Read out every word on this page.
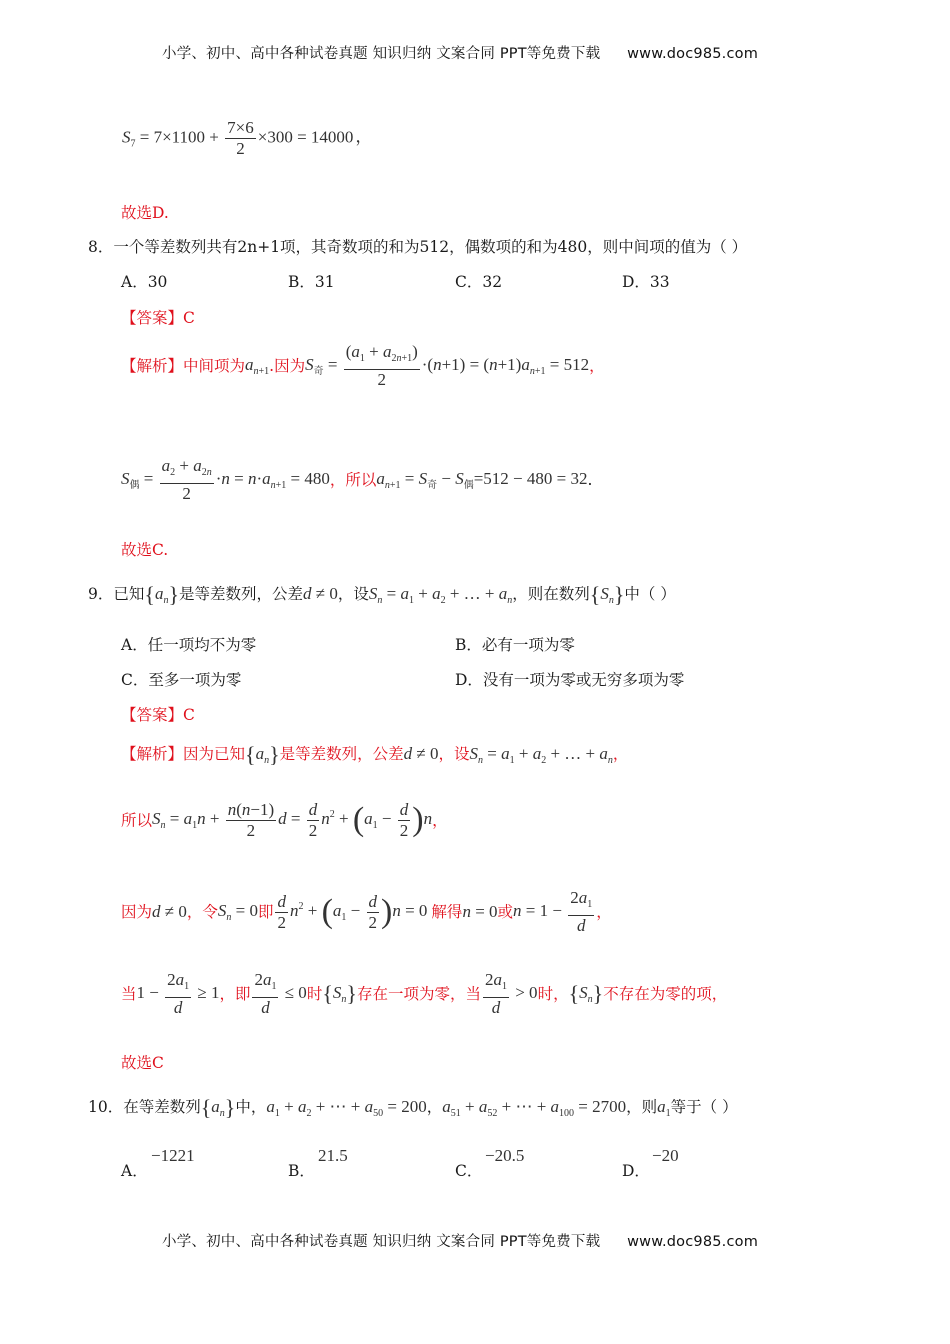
小学、初中、高中各种试卷真题 知识归纳 文案合同 PPT等免费下载 www.doc985.com
$S_7 = 7\times 1100 + \frac{7\times 6}{2} \times 300 = 14000$ ，
故选D.
8．一个等差数列共有2n+1项，其奇数项的和为512，偶数项的和为480，则中间项的值为（ ）
A．30	B．31	C．32	D．33
【答案】C
【解析】中间项为$a_{n+1}$.因为$S_奇 = \frac{(a_1 + a_{2n+1})}{2} \cdot(n+1) = (n+1)a_{n+1} = 512$，
$S_偶 = \frac{a_2 + a_{2n}}{2} \cdot n = n\cdot a_{n+1} = 480$，所以$a_{n+1} = S_奇 - S_偶=512 - 480 = 32$.
故选C.
9．已知$\{a_n\}$是等差数列，公差d ≠ 0，设$S_n = a_1 + a_2$ + … + $a_n$，则在数列$\{S_n\}$中（ ）
A．任一项均不为零	B．必有一项为零
C．至多一项为零	D．没有一项为零或无穷多项为零
【答案】C
【解析】因为已知$\{a_n\}$是等差数列，公差d ≠ 0，设$S_n = a_1 + a_2$ + … + $a_n$，
所以$S_n = a_1n + \frac{n(n-1)}{2}$ $d = \frac{d}{2} n^2 + (a_1 - \frac{d}{2} )n$，
因为d ≠ 0，令$S_n = 0$即 $\frac{d}{2} n^2 + (a_1 - \frac{d}{2} )n = 0$ 解得n = 0或$n = 1 - \frac{2a_1}{d}$ ，
当$1 - \frac{2a_1}{d} \ge 1$，即 $\frac{2a_1}{d} \le 0$时$\{S_n\}$存在一项为零，当 $\frac{2a_1}{d} > 0$时，$\{S_n\}$不存在为零的项，
故选C
10．在等差数列$\{a_n\}$中，$a_1 + a_2$ + ⋯ + $a_{50} = 200$，$a_{51} + a_{52}$ + ⋯ + $a_{100} = 2700$，则$a_1$等于（ ）
A．
−1221
B．
21.5
C．
−20.5
D．
−20
小学、初中、高中各种试卷真题 知识归纳 文案合同 PPT等免费下载 www.doc985.com
